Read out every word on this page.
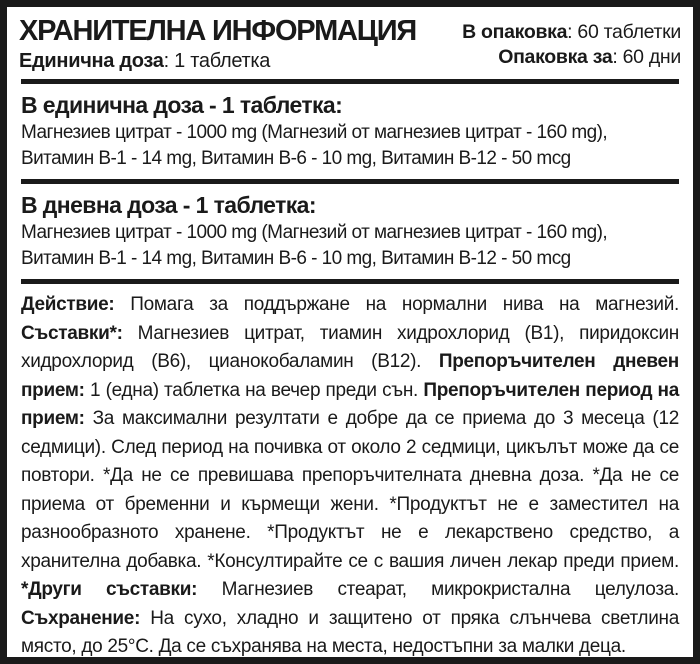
ХРАНИТЕЛНА ИНФОРМАЦИЯ
Единична доза: 1 таблетка
В опаковка: 60 таблетки
Опаковка за: 60 дни
В единична доза - 1 таблетка:

Магнезиев цитрат - 1000 mg (Магнезий от магнезиев цитрат - 160 mg),

Витамин B-1 - 14 mg, Витамин B-6 - 10 mg, Витамин B-12 - 50 mcg

В дневна доза - 1 таблетка:

Магнезиев цитрат - 1000 mg (Магнезий от магнезиев цитрат - 160 mg),

Витамин B-1 - 14 mg, Витамин B-6 - 10 mg, Витамин B-12 - 50 mcg

Действие: Помага за поддържане на нормални нива на магнезий. Съставки*: Магнезиев цитрат, тиамин хидрохлорид (B1), пиридоксин хидрохлорид (B6), цианокобаламин (B12). Препоръчителен дневен прием: 1 (една) таблетка на вечер преди сън. Препоръчителен период на прием: За максимални резултати е добре да се приема до 3 месеца (12 седмици). След период на почивка от около 2 седмици, цикълът може да се повтори. *Да не се превишава препоръчителната дневна доза. *Да не се приема от бременни и кърмещи жени. *Продуктът не е заместител на разнообразното хранене. *Продуктът не е лекарствено средство, а хранителна добавка. *Консултирайте се с вашия личен лекар преди прием. *Други съставки: Магнезиев стеарат, микрокристална целулоза. Съхранение: На сухо, хладно и защитено от пряка слънчева светлина място, до 25°C. Да се съхранява на места, недостъпни за малки деца.
